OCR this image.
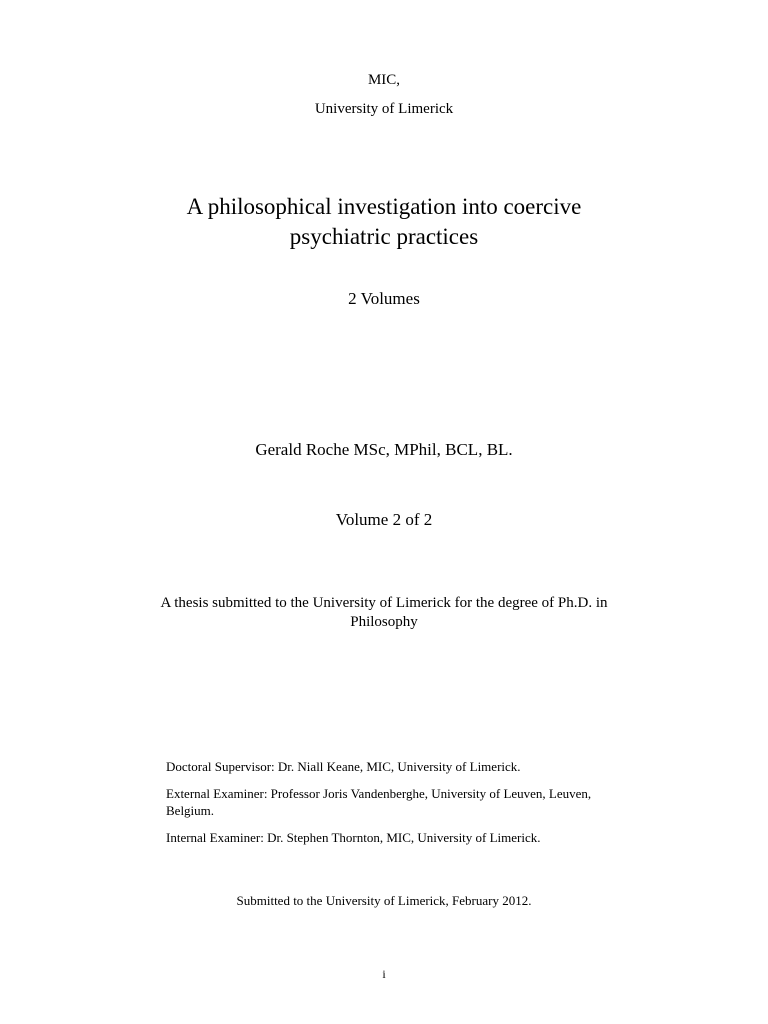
MIC,

University of Limerick

A philosophical investigation into coercive
psychiatric practices

2 Volumes

Gerald Roche MSc, MPhil, BCL, BL.

Volume 2 of 2

A thesis submitted to the University of Limerick for the degree of Ph.D. in

Philosophy

Doctoral Supervisor: Dr. Niall Keane, MIC, University of Limerick.

External Examiner: Professor Joris Vandenberghe, University of Leuven, Leuven,

Belgium.

Internal Examiner: Dr. Stephen Thornton, MIC, University of Limerick.

Submitted to the University of Limerick, February 2012.

i
